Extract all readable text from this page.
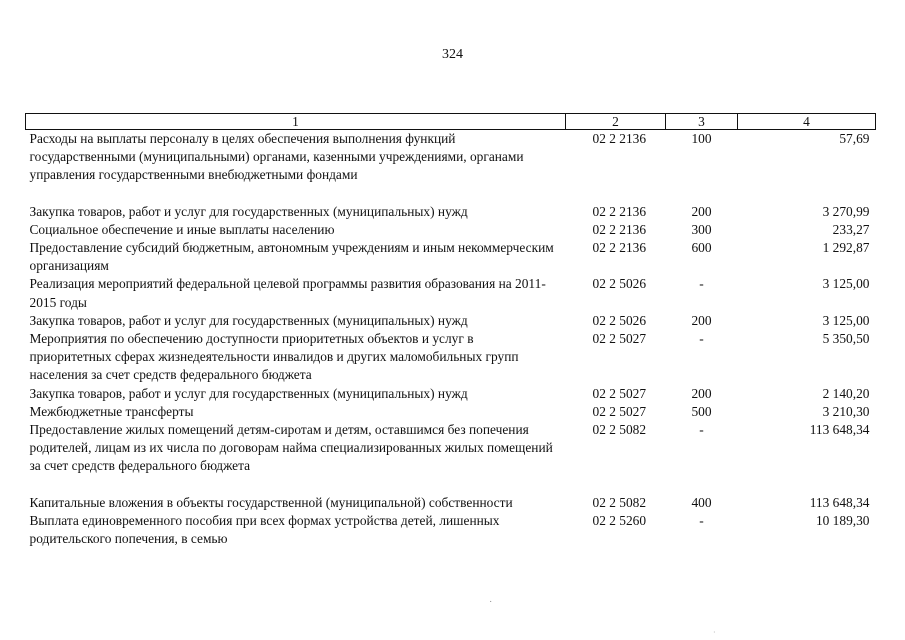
324
1	2	3	4
Расходы на выплаты персоналу в целях обеспечения выполнения функций государственными (муниципальными) органами, казенными учреждениями, органами управления государственными внебюджетными фондами	02 2 2136	100	57,69

Закупка товаров, работ и услуг для государственных (муниципальных) нужд	02 2 2136	200	3 270,99
Социальное обеспечение и иные выплаты населению	02 2 2136	300	233,27
Предоставление субсидий бюджетным, автономным учреждениям и иным некоммерческим организациям	02 2 2136	600	1 292,87
Реализация мероприятий федеральной целевой программы развития образования на 2011-2015 годы	02 2 5026	-	3 125,00
Закупка товаров, работ и услуг для государственных (муниципальных) нужд	02 2 5026	200	3 125,00
Мероприятия по обеспечению доступности приоритетных объектов и услуг в приоритетных сферах жизнедеятельности инвалидов и других маломобильных групп населения за счет средств федерального бюджета	02 2 5027	-	5 350,50
Закупка товаров, работ и услуг для государственных (муниципальных) нужд	02 2 5027	200	2 140,20
Межбюджетные трансферты	02 2 5027	500	3 210,30
Предоставление жилых помещений детям-сиротам и детям, оставшимся без попечения родителей, лицам из их числа по договорам найма специализированных жилых помещений за счет средств федерального бюджета	02 2 5082	-	113 648,34

Капитальные вложения в объекты государственной (муниципальной) собственности	02 2 5082	400	113 648,34
Выплата единовременного пособия при всех формах устройства детей, лишенных родительского попечения, в семью	02 2 5260	-	10 189,30
˙
·
